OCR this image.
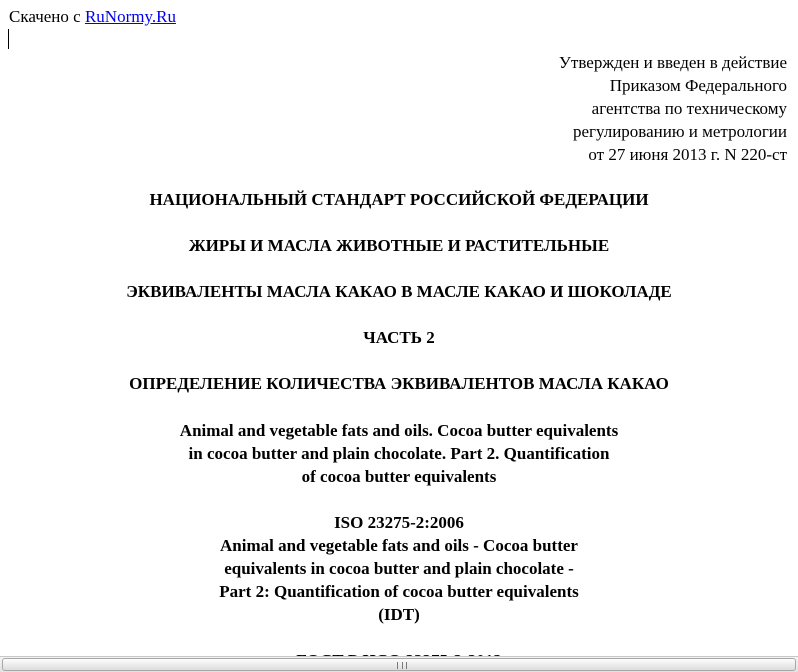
Скачено с RuNormy.Ru
Утвержден и введен в действие
Приказом Федерального
агентства по техническому
регулированию и метрологии
от 27 июня 2013 г. N 220-ст
НАЦИОНАЛЬНЫЙ СТАНДАРТ РОССИЙСКОЙ ФЕДЕРАЦИИ
ЖИРЫ И МАСЛА ЖИВОТНЫЕ И РАСТИТЕЛЬНЫЕ
ЭКВИВАЛЕНТЫ МАСЛА КАКАО В МАСЛЕ КАКАО И ШОКОЛАДЕ
ЧАСТЬ 2
ОПРЕДЕЛЕНИЕ КОЛИЧЕСТВА ЭКВИВАЛЕНТОВ МАСЛА КАКАО
Animal and vegetable fats and oils. Cocoa butter equivalents
in cocoa butter and plain chocolate. Part 2. Quantification
of cocoa butter equivalents
ISO 23275-2:2006
Animal and vegetable fats and oils - Cocoa butter
equivalents in cocoa butter and plain chocolate -
Part 2: Quantification of cocoa butter equivalents
(IDT)
